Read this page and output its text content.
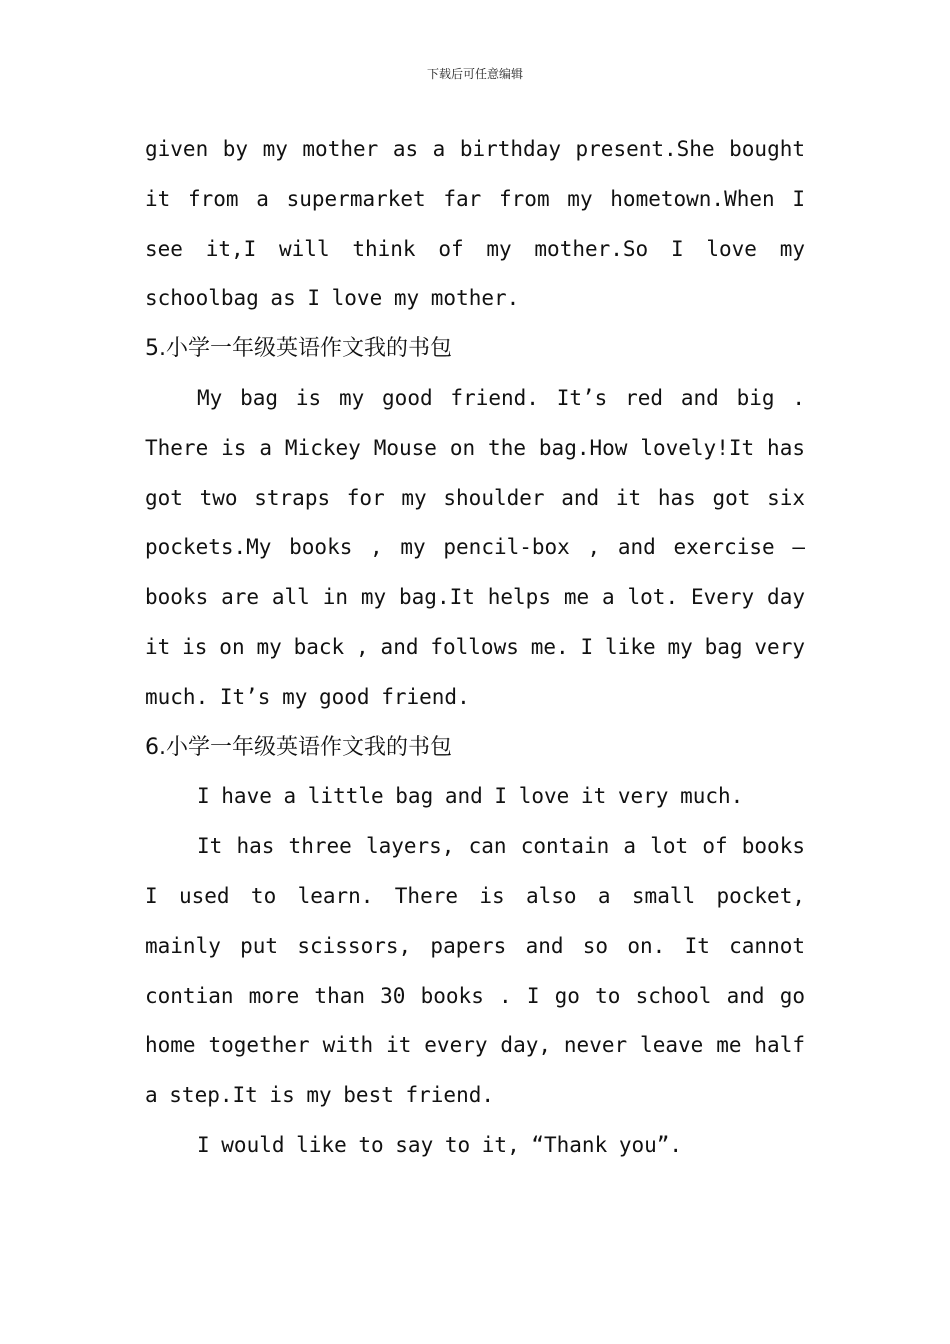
下载后可任意编辑

given by my mother as a birthday present.She bought it from a supermarket far from my hometown.When I see it,I will think of my mother.So I love my schoolbag as I love my mother.

5.小学一年级英语作文我的书包

My bag is my good friend. It’s red and big . There is a Mickey Mouse on the bag.How lovely!It has got two straps for my shoulder and it has got six pockets.My books , my pencil-box , and exercise –books are all in my bag.It helps me a lot. Every day it is on my back , and follows me. I like my bag very much. It’s my good friend.

6.小学一年级英语作文我的书包

I have a little bag and I love it very much.

It has three layers, can contain a lot of books I used to learn. There is also a small pocket, mainly put scissors, papers and so on. It cannot contian more than 30 books . I go to school and go home together with it every day, never leave me half a step.It is my best friend.

I would like to say to it, “Thank you”.
